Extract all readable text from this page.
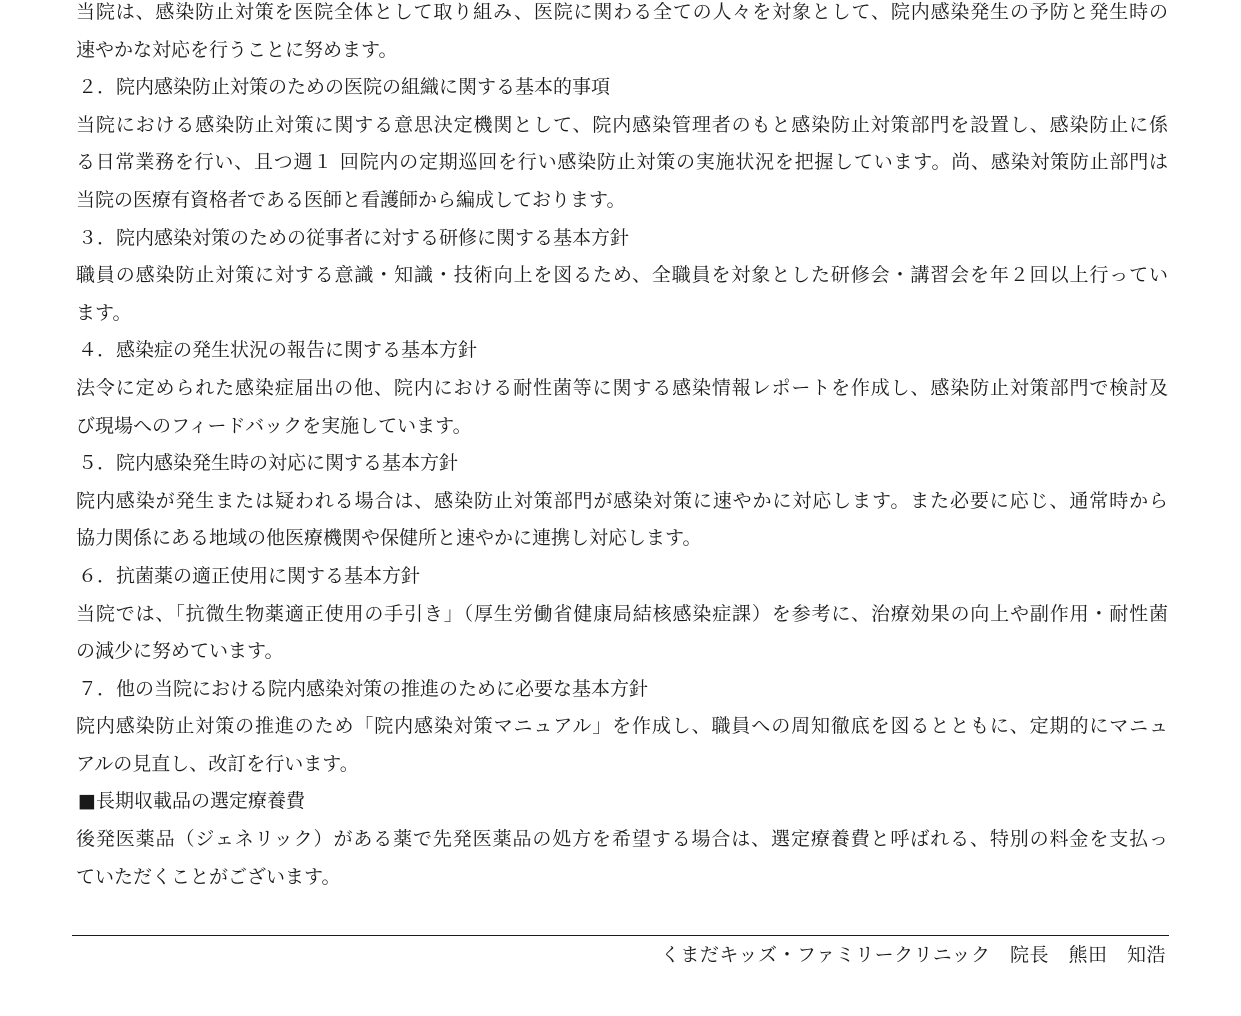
当院は、感染防止対策を医院全体として取り組み、医院に関わる全ての人々を対象として、院内感染発生の予防と発生時の
速やかな対応を行うことに努めます。
２．院内感染防止対策のための医院の組織に関する基本的事項
当院における感染防止対策に関する意思決定機関として、院内感染管理者のもと感染防止対策部門を設置し、感染防止に係
る日常業務を行い、且つ週１ 回院内の定期巡回を行い感染防止対策の実施状況を把握しています。尚、感染対策防止部門は
当院の医療有資格者である医師と看護師から編成しております。
３．院内感染対策のための従事者に対する研修に関する基本方針
職員の感染防止対策に対する意識・知識・技術向上を図るため、全職員を対象とした研修会・講習会を年２回以上行ってい
ます。
４．感染症の発生状況の報告に関する基本方針
法令に定められた感染症届出の他、院内における耐性菌等に関する感染情報レポートを作成し、感染防止対策部門で検討及
び現場へのフィードバックを実施しています。
５．院内感染発生時の対応に関する基本方針
院内感染が発生または疑われる場合は、感染防止対策部門が感染対策に速やかに対応します。また必要に応じ、通常時から
協力関係にある地域の他医療機関や保健所と速やかに連携し対応します。
６．抗菌薬の適正使用に関する基本方針
当院では、「抗微生物薬適正使用の手引き」（厚生労働省健康局結核感染症課）を参考に、治療効果の向上や副作用・耐性菌
の減少に努めています。
７．他の当院における院内感染対策の推進のために必要な基本方針
院内感染防止対策の推進のため「院内感染対策マニュアル」を作成し、職員への周知徹底を図るとともに、定期的にマニュ
アルの見直し、改訂を行います。
■長期収載品の選定療養費
後発医薬品（ジェネリック）がある薬で先発医薬品の処方を希望する場合は、選定療養費と呼ばれる、特別の料金を支払っ
ていただくことがございます。
くまだキッズ・ファミリークリニック　院長　熊田　知浩
